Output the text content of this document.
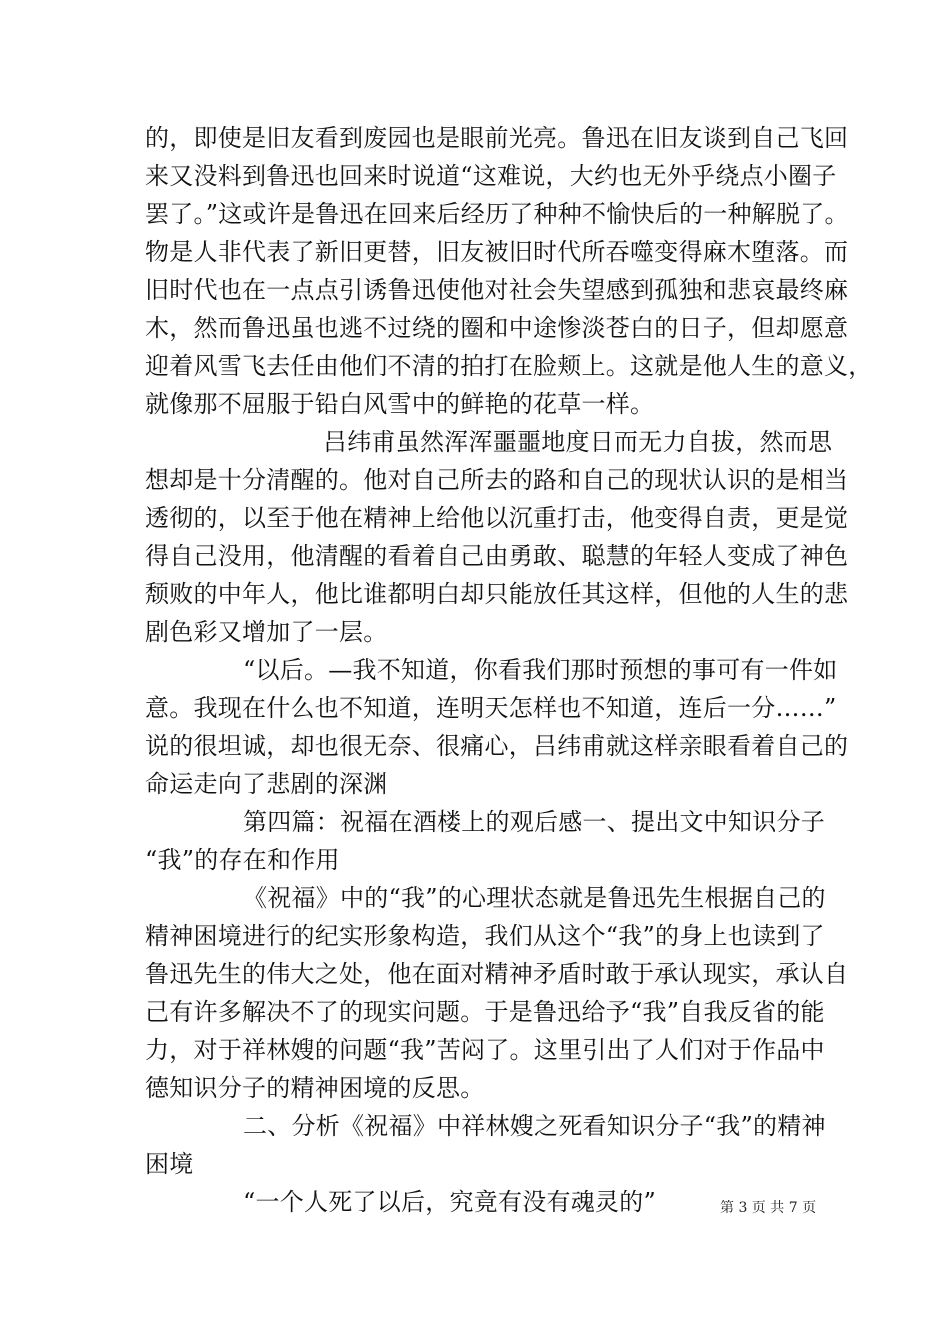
的，即使是旧友看到废园也是眼前光亮。鲁迅在旧友谈到自己飞回
来又没料到鲁迅也回来时说道“这难说，大约也无外乎绕点小圈子
罢了。”这或许是鲁迅在回来后经历了种种不愉快后的一种解脱了。
物是人非代表了新旧更替，旧友被旧时代所吞噬变得麻木堕落。而
旧时代也在一点点引诱鲁迅使他对社会失望感到孤独和悲哀最终麻
木，然而鲁迅虽也逃不过绕的圈和中途惨淡苍白的日子，但却愿意
迎着风雪飞去任由他们不清的拍打在脸颊上。这就是他人生的意义，
就像那不屈服于铅白风雪中的鲜艳的花草一样。
吕纬甫虽然浑浑噩噩地度日而无力自拔，然而思
想却是十分清醒的。他对自己所去的路和自己的现状认识的是相当
透彻的，以至于他在精神上给他以沉重打击，他变得自责，更是觉
得自己没用，他清醒的看着自己由勇敢、聪慧的年轻人变成了神色
颓败的中年人，他比谁都明白却只能放任其这样，但他的人生的悲
剧色彩又增加了一层。
“以后。—我不知道，你看我们那时预想的事可有一件如
意。我现在什么也不知道，连明天怎样也不知道，连后一分……”
说的很坦诚，却也很无奈、很痛心，吕纬甫就这样亲眼看着自己的
命运走向了悲剧的深渊
第四篇：祝福在酒楼上的观后感一、提出文中知识分子
“我”的存在和作用
《祝福》中的“我”的心理状态就是鲁迅先生根据自己的
精神困境进行的纪实形象构造，我们从这个“我”的身上也读到了
鲁迅先生的伟大之处，他在面对精神矛盾时敢于承认现实，承认自
己有许多解决不了的现实问题。于是鲁迅给予“我”自我反省的能
力，对于祥林嫂的问题“我”苦闷了。这里引出了人们对于作品中
德知识分子的精神困境的反思。
二、分析《祝福》中祥林嫂之死看知识分子“我”的精神
困境
“一个人死了以后，究竟有没有魂灵的”	第 3 页 共 7 页
